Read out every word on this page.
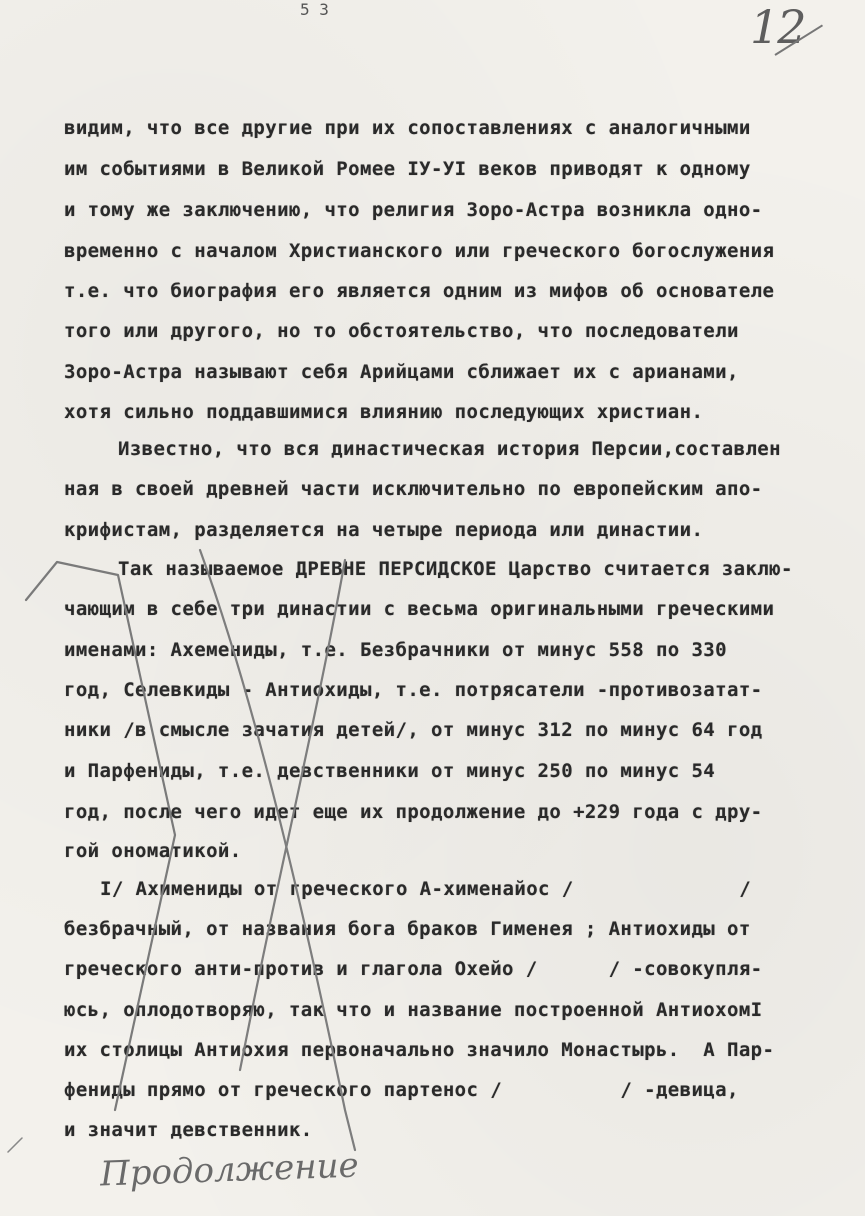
5 3	12
видим, что все другие при их сопоставлениях с аналогичными
им событиями в Великой Ромее IУ-УI веков приводят к одному
и тому же заключению, что религия Зоро-Астра возникла одно-
временно с началом Христианского или греческого богослужения
т.е. что биография его является одним из мифов об основателе
того или другого, но то обстоятельство, что последователи
Зоро-Астра называют себя Арийцами сближает их с арианами,
хотя сильно поддавшимися влиянию последующих христиан.
Известно, что вся династическая история Персии,составлен
ная в своей древней части исключительно по европейским апо-
крифистам, разделяется на четыре периода или династии.
Так называемое ДРЕВНЕ ПЕРСИДСКОЕ Царство считается заклю-
чающим в себе три династии с весьма оригинальными греческими
именами: Ахемениды, т.е. Безбрачники от минус 558 по 330
год, Селевкиды - Антиохиды, т.е. потрясатели -противозатат-
ники /в смысле зачатия детей/, от минус 312 по минус 64 год
и Парфениды, т.е. девственники от минус 250 по минус 54
год, после чего идет еще их продолжение до +229 года с дру-
гой ономатикой.
I/ Ахимениды от греческого А-хименайос /              /
безбрачный, от названия бога браков Гименея ; Антиохиды от
греческого анти-против и глагола Охейо /      / -совокупля-
юсь, оплодотворяю, так что и название построенной АнтиохомI
их столицы Антиохия первоначально значило Монастырь.  А Пар-
фениды прямо от греческого партенос /          / -девица,
и значит девственник.
Продолжение
